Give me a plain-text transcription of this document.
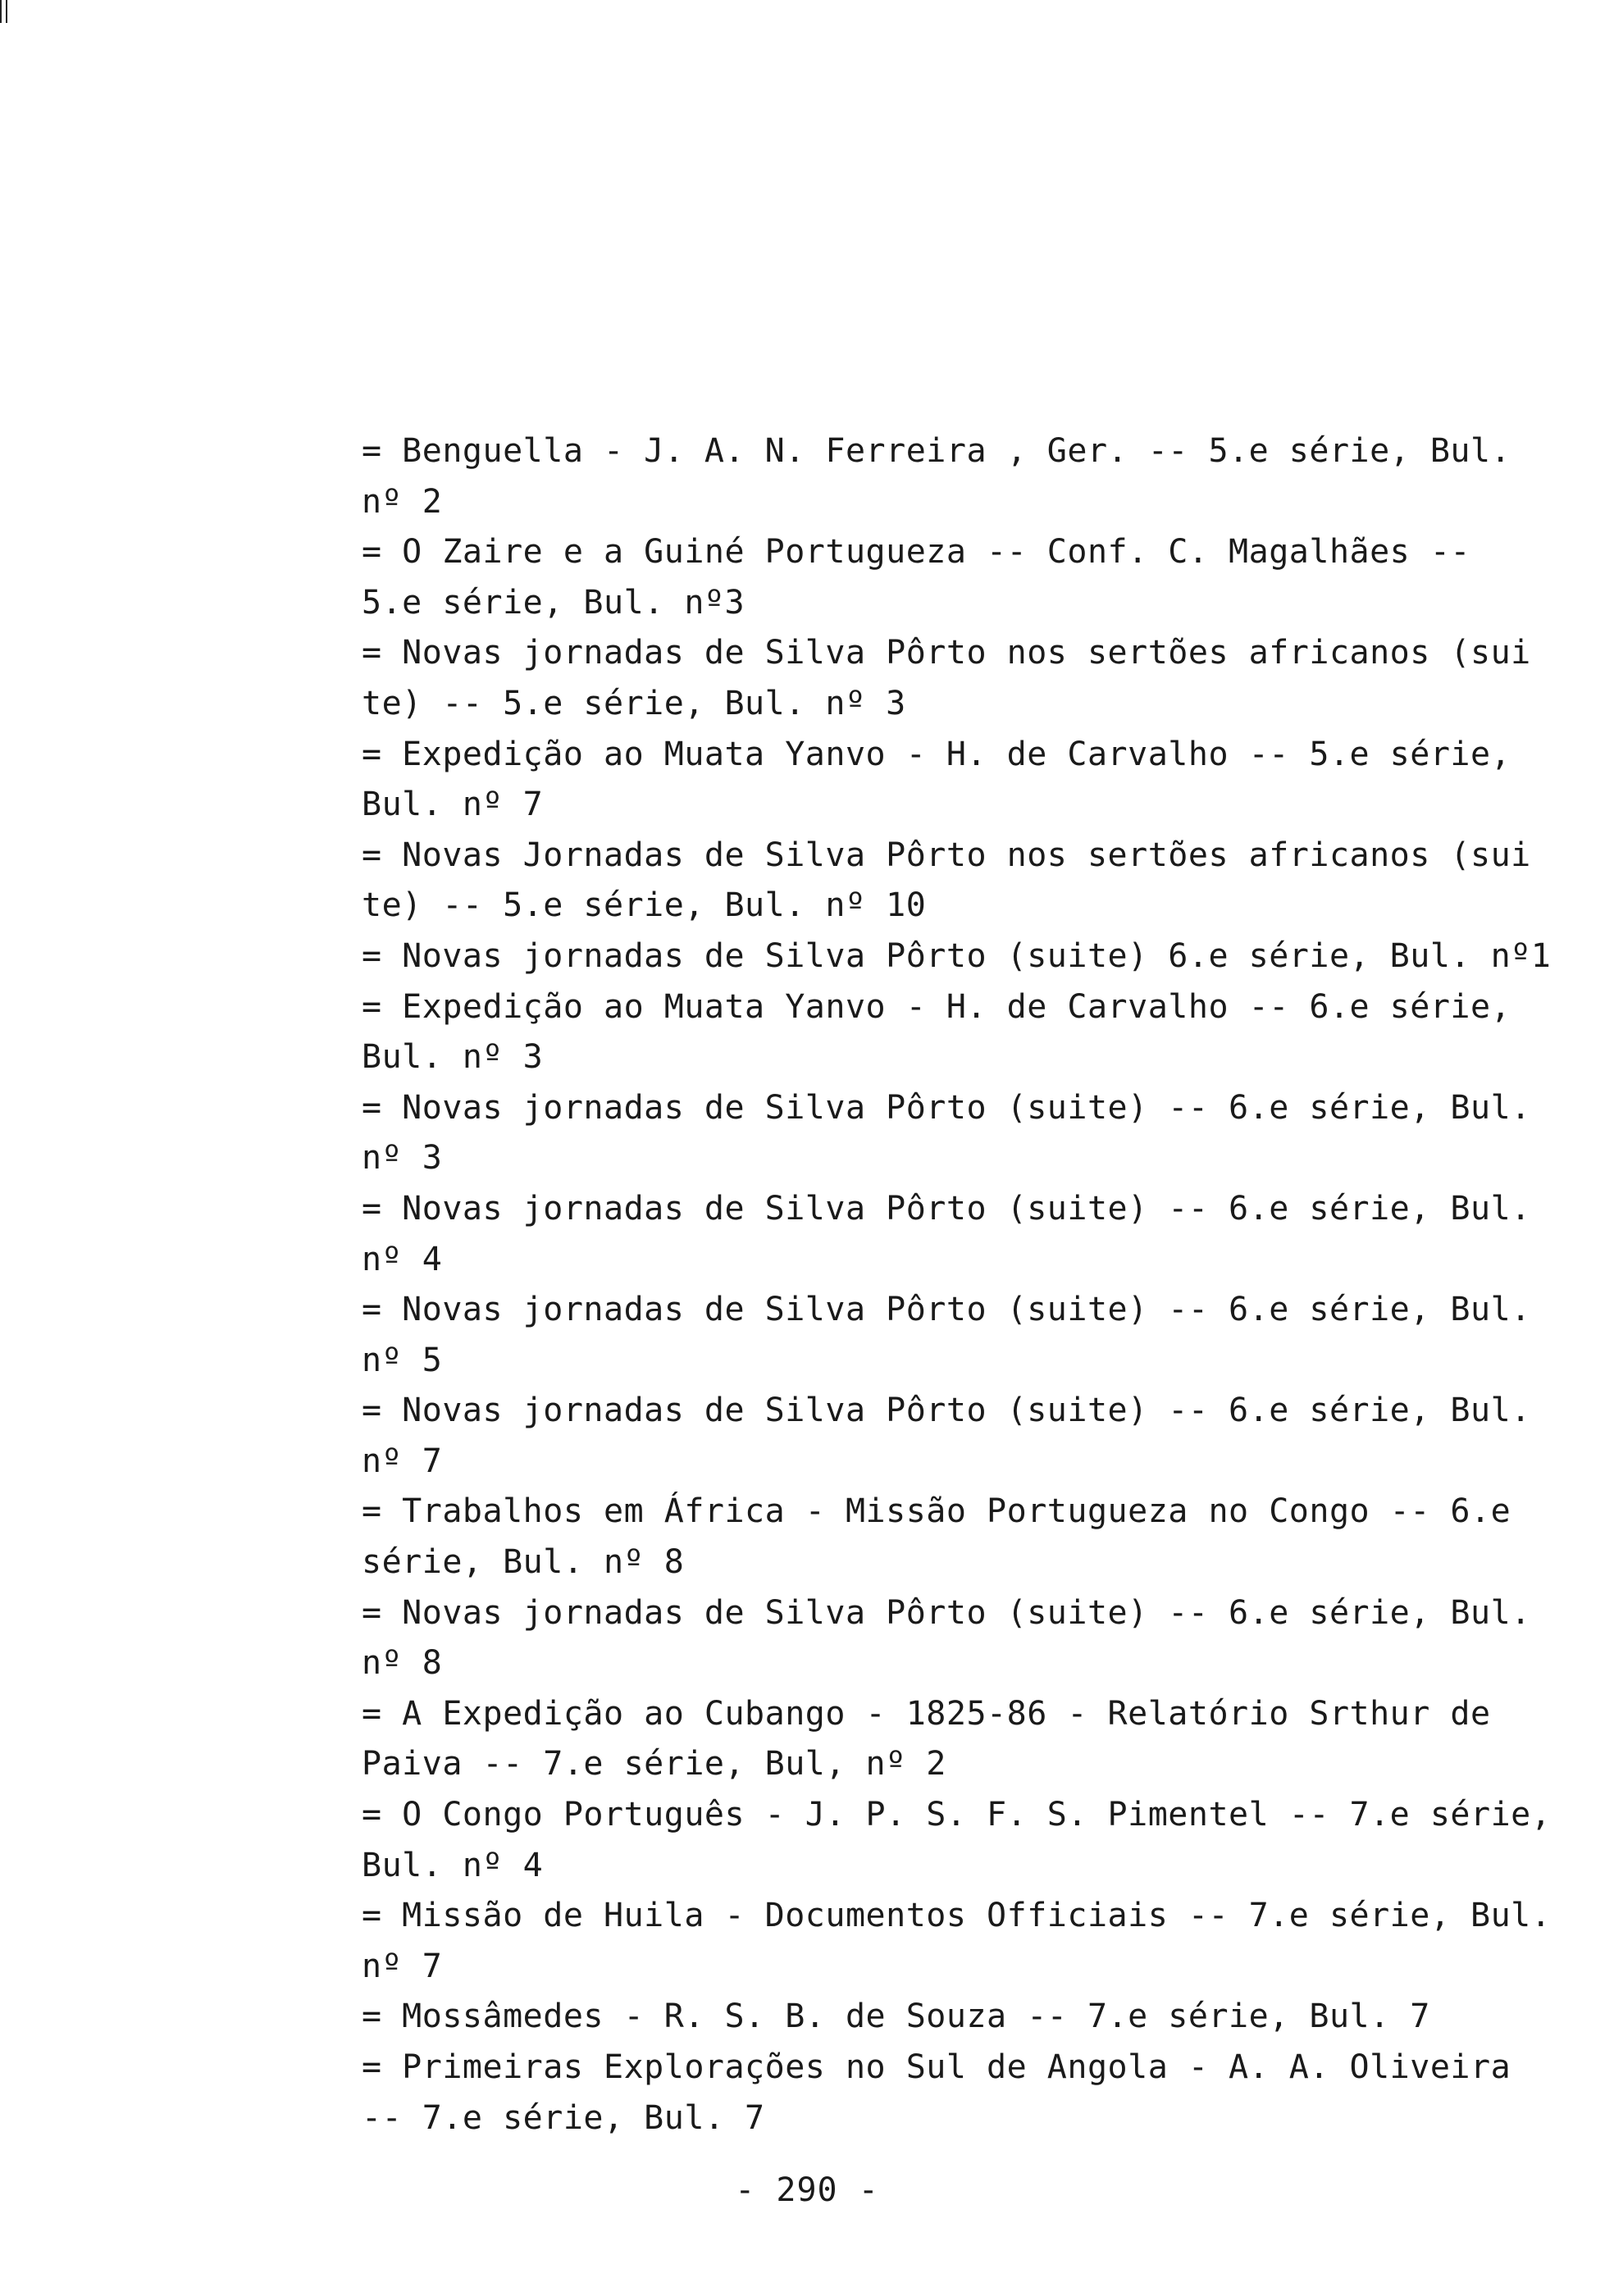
= Benguella - J. A. N. Ferreira , Ger. -- 5.e série, Bul.
nº 2
= O Zaire e a Guiné Portugueza -- Conf. C. Magalhães --
5.e série, Bul. nº3
= Novas jornadas de Silva Pôrto nos sertões africanos (sui
te) -- 5.e série, Bul. nº 3
= Expedição ao Muata Yanvo - H. de Carvalho -- 5.e série,
Bul. nº 7
= Novas Jornadas de Silva Pôrto nos sertões africanos (sui
te) -- 5.e série, Bul. nº 10
= Novas jornadas de Silva Pôrto (suite) 6.e série, Bul. nº1
= Expedição ao Muata Yanvo - H. de Carvalho -- 6.e série,
Bul. nº 3
= Novas jornadas de Silva Pôrto (suite) -- 6.e série, Bul.
nº 3
= Novas jornadas de Silva Pôrto (suite) -- 6.e série, Bul.
nº 4
= Novas jornadas de Silva Pôrto (suite) -- 6.e série, Bul.
nº 5
= Novas jornadas de Silva Pôrto (suite) -- 6.e série, Bul.
nº 7
= Trabalhos em África - Missão Portugueza no Congo -- 6.e
série, Bul. nº 8
= Novas jornadas de Silva Pôrto (suite) -- 6.e série, Bul.
nº 8
= A Expedição ao Cubango - 1825-86 - Relatório Srthur de
Paiva -- 7.e série, Bul, nº 2
= O Congo Português - J. P. S. F. S. Pimentel -- 7.e série,
Bul. nº 4
= Missão de Huila - Documentos Officiais -- 7.e série, Bul.
nº 7
= Mossâmedes - R. S. B. de Souza -- 7.e série, Bul. 7
= Primeiras Explorações no Sul de Angola - A. A. Oliveira
-- 7.e série, Bul. 7
- 290 -
